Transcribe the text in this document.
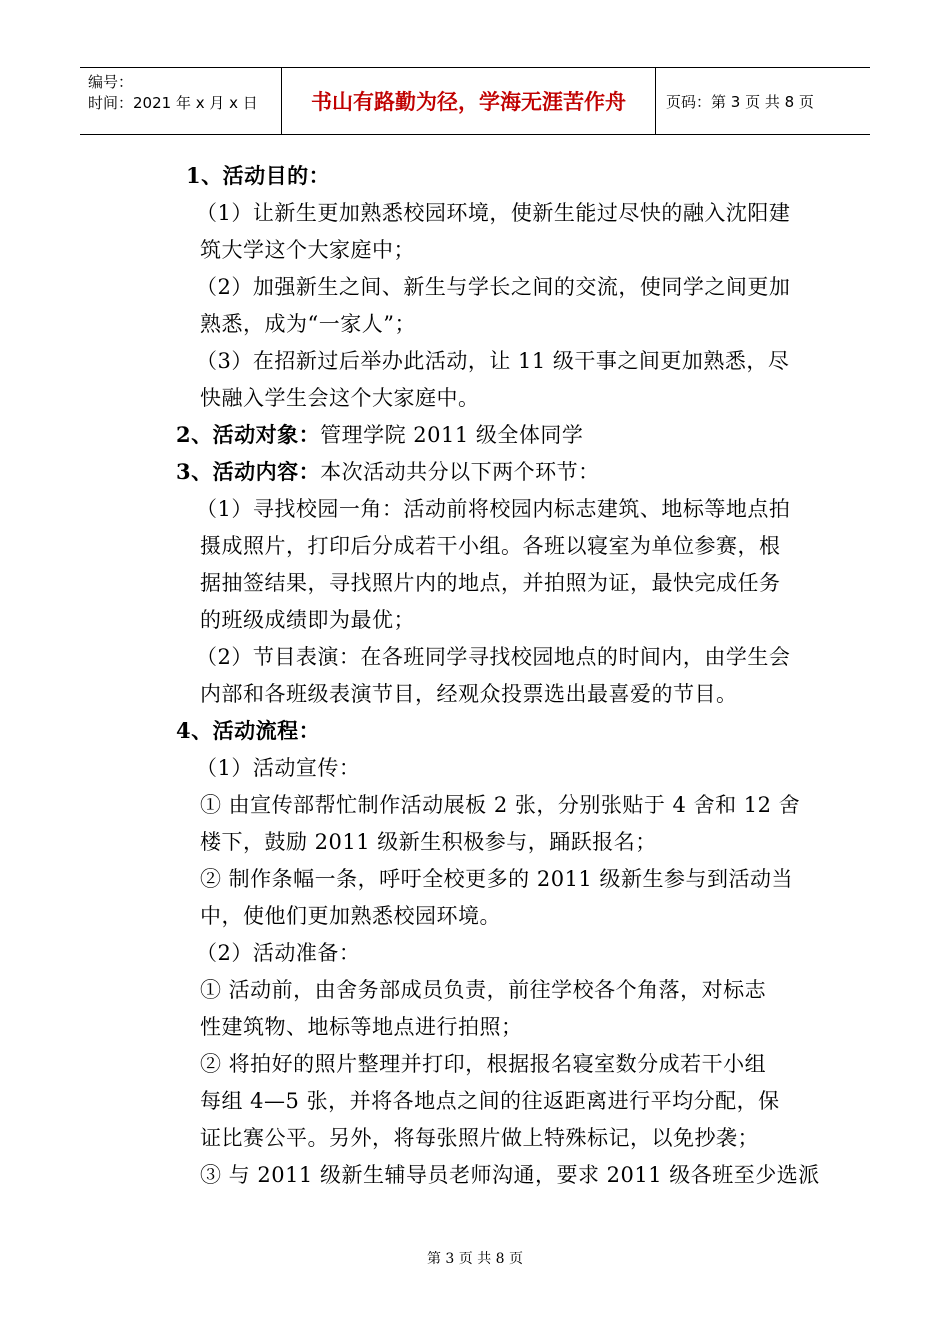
编号：
时间：2021 年 x 月 x 日	书山有路勤为径，学海无涯苦作舟	页码：第 3 页 共 8 页
1、活动目的：
（1）让新生更加熟悉校园环境，使新生能过尽快的融入沈阳建
筑大学这个大家庭中；
（2）加强新生之间、新生与学长之间的交流，使同学之间更加
熟悉，成为“一家人”；
（3）在招新过后举办此活动，让 11 级干事之间更加熟悉，尽
快融入学生会这个大家庭中。
2、活动对象：管理学院 2011 级全体同学
3、活动内容：本次活动共分以下两个环节：
（1）寻找校园一角：活动前将校园内标志建筑、地标等地点拍
摄成照片，打印后分成若干小组。各班以寝室为单位参赛，根
据抽签结果，寻找照片内的地点，并拍照为证，最快完成任务
的班级成绩即为最优；
（2）节目表演：在各班同学寻找校园地点的时间内，由学生会
内部和各班级表演节目，经观众投票选出最喜爱的节目。
4、活动流程：
（1）活动宣传：
① 由宣传部帮忙制作活动展板 2 张，分别张贴于 4 舍和 12 舍
楼下，鼓励 2011 级新生积极参与，踊跃报名；
② 制作条幅一条，呼吁全校更多的 2011 级新生参与到活动当
中，使他们更加熟悉校园环境。
（2）活动准备：
① 活动前，由舍务部成员负责，前往学校各个角落，对标志
性建筑物、地标等地点进行拍照；
② 将拍好的照片整理并打印，根据报名寝室数分成若干小组
每组 4—5 张，并将各地点之间的往返距离进行平均分配，保
证比赛公平。另外，将每张照片做上特殊标记，以免抄袭；
③ 与 2011 级新生辅导员老师沟通，要求 2011 级各班至少选派
第 3 页 共 8 页
